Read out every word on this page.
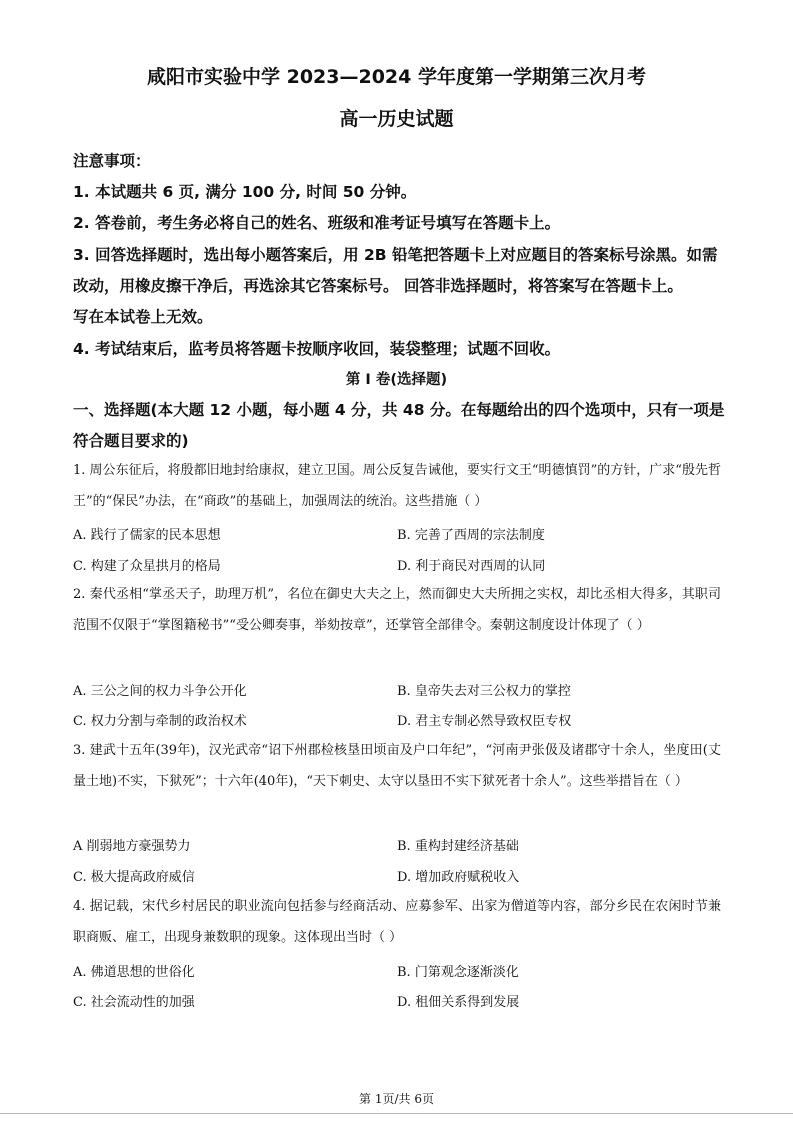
咸阳市实验中学 2023—2024 学年度第一学期第三次月考
高一历史试题
注意事项：
1. 本试题共 6 页, 满分 100 分, 时间 50 分钟。
2. 答卷前，考生务必将自己的姓名、班级和准考证号填写在答题卡上。
3. 回答选择题时，选出每小题答案后，用 2B 铅笔把答题卡上对应题目的答案标号涂黑。如需
改动，用橡皮擦干净后，再选涂其它答案标号。 回答非选择题时，将答案写在答题卡上。
写在本试卷上无效。
4. 考试结束后，监考员将答题卡按顺序收回，装袋整理；试题不回收。
第 Ⅰ 卷(选择题)
一、选择题(本大题 12 小题，每小题 4 分，共 48 分。在每题给出的四个选项中，只有一项是
符合题目要求的)
1. 周公东征后，将殷都旧地封给康叔，建立卫国。周公反复告诫他，要实行文王“明德慎罚”的方针，广求“殷先哲王”的“保民”办法，在“商政”的基础上，加强周法的统治。这些措施（ ）
A. 践行了儒家的民本思想	B. 完善了西周的宗法制度
C. 构建了众星拱月的格局	D. 利于商民对西周的认同
2. 秦代丞相“掌丞天子，助理万机”，名位在御史大夫之上，然而御史大夫所拥之实权，却比丞相大得多，其职司范围不仅限于“掌图籍秘书”“受公卿奏事，举劾按章”，还掌管全部律令。秦朝这制度设计体现了（ ）
A. 三公之间的权力斗争公开化	B. 皇帝失去对三公权力的掌控
C. 权力分割与牵制的政治权术	D. 君主专制必然导致权臣专权
3. 建武十五年(39年)，汉光武帝“诏下州郡检核垦田顷亩及户口年纪”，“河南尹张伋及诸郡守十余人，坐度田(丈量土地)不实，下狱死”；十六年(40年)，“天下刺史、太守以垦田不实下狱死者十余人”。这些举措旨在（ ）
A 削弱地方豪强势力	B. 重构封建经济基础
C. 极大提高政府威信	D. 增加政府赋税收入
4. 据记载，宋代乡村居民的职业流向包括参与经商活动、应募参军、出家为僧道等内容，部分乡民在农闲时节兼职商贩、雇工，出现身兼数职的现象。这体现出当时（ ）
A. 佛道思想的世俗化	B. 门第观念逐渐淡化
C. 社会流动性的加强	D. 租佃关系得到发展
第 1页/共 6页
